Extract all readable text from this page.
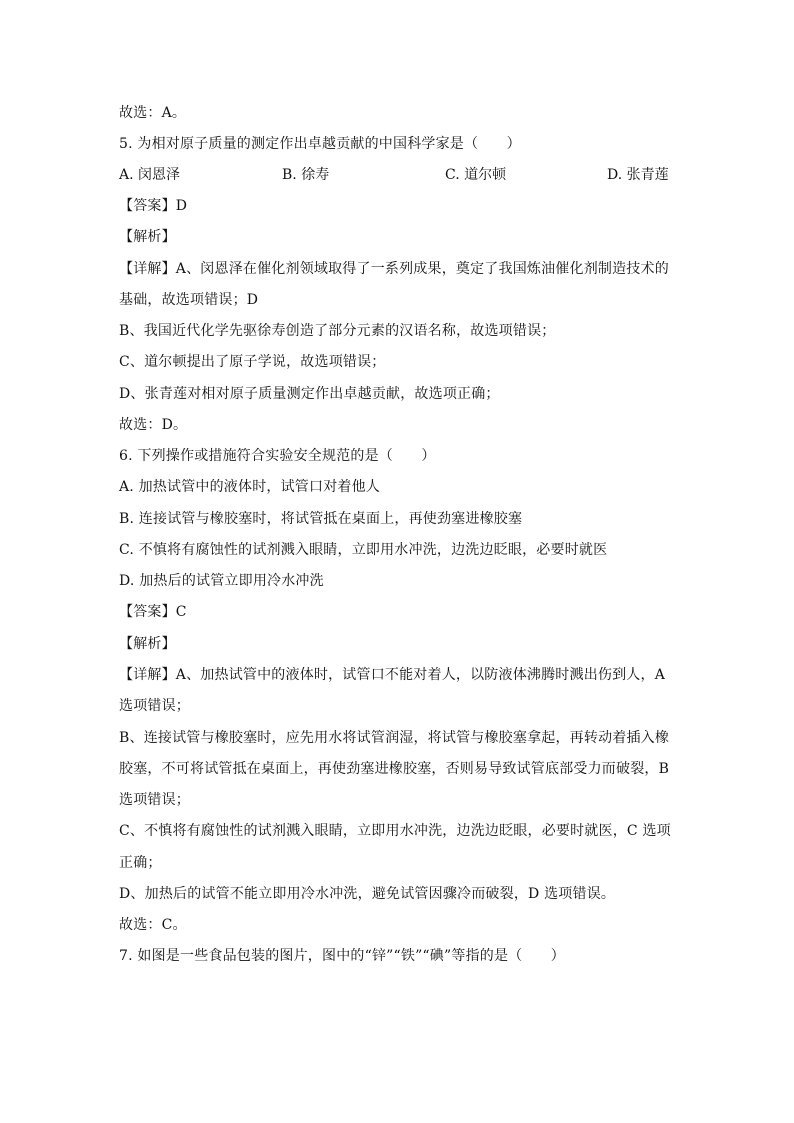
故选：A。
5. 为相对原子质量的测定作出卓越贡献的中国科学家是（　　）
A. 闵恩泽	B. 徐寿	C. 道尔顿	D. 张青莲
【答案】D
【解析】
【详解】A、闵恩泽在催化剂领域取得了一系列成果，奠定了我国炼油催化剂制造技术的
基础，故选项错误；D
B、我国近代化学先驱徐寿创造了部分元素的汉语名称，故选项错误；
C、道尔顿提出了原子学说，故选项错误；
D、张青莲对相对原子质量测定作出卓越贡献，故选项正确；
故选：D。
6. 下列操作或措施符合实验安全规范的是（　　）
A. 加热试管中的液体时，试管口对着他人
B. 连接试管与橡胶塞时，将试管抵在桌面上，再使劲塞进橡胶塞
C. 不慎将有腐蚀性的试剂溅入眼睛，立即用水冲洗，边洗边眨眼，必要时就医
D. 加热后的试管立即用冷水冲洗
【答案】C
【解析】
【详解】A、加热试管中的液体时，试管口不能对着人，以防液体沸腾时溅出伤到人，A
选项错误；
B、连接试管与橡胶塞时，应先用水将试管润湿，将试管与橡胶塞拿起，再转动着插入橡
胶塞，不可将试管抵在桌面上，再使劲塞进橡胶塞，否则易导致试管底部受力而破裂，B
选项错误；
C、不慎将有腐蚀性的试剂溅入眼睛，立即用水冲洗，边洗边眨眼，必要时就医，C 选项
正确；
D、加热后的试管不能立即用冷水冲洗，避免试管因骤冷而破裂，D 选项错误。
故选：C。
7. 如图是一些食品包装的图片，图中的“锌”“铁”“碘”等指的是（　　）
